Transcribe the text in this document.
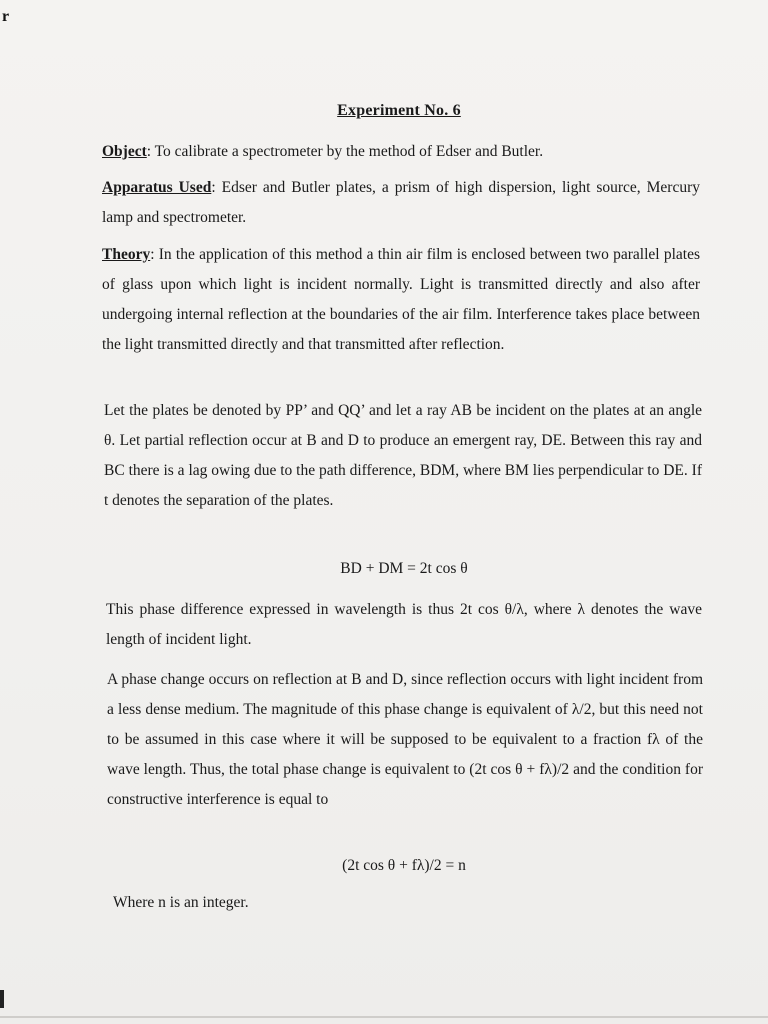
r
Experiment No. 6
Object: To calibrate a spectrometer by the method of Edser and Butler.
Apparatus Used: Edser and Butler plates, a prism of high dispersion, light source, Mercury lamp and spectrometer.
Theory: In the application of this method a thin air film is enclosed between two parallel plates of glass upon which light is incident normally. Light is transmitted directly and also after undergoing internal reflection at the boundaries of the air film. Interference takes place between the light transmitted directly and that transmitted after reflection.
Let the plates be denoted by PP’ and QQ’ and let a ray AB be incident on the plates at an angle θ. Let partial reflection occur at B and D to produce an emergent ray, DE. Between this ray and BC there is a lag owing due to the path difference, BDM, where BM lies perpendicular to DE. If t denotes the separation of the plates.
BD + DM = 2t cos θ
This phase difference expressed in wavelength is thus 2t cos θ/λ, where λ denotes the wave length of incident light.
A phase change occurs on reflection at B and D, since reflection occurs with light incident from a less dense medium. The magnitude of this phase change is equivalent of λ/2, but this need not to be assumed in this case where it will be supposed to be equivalent to a fraction fλ of the wave length. Thus, the total phase change is equivalent to (2t cos θ + fλ)/2 and the condition for constructive interference is equal to
(2t cos θ + fλ)/2 = n
Where n is an integer.
